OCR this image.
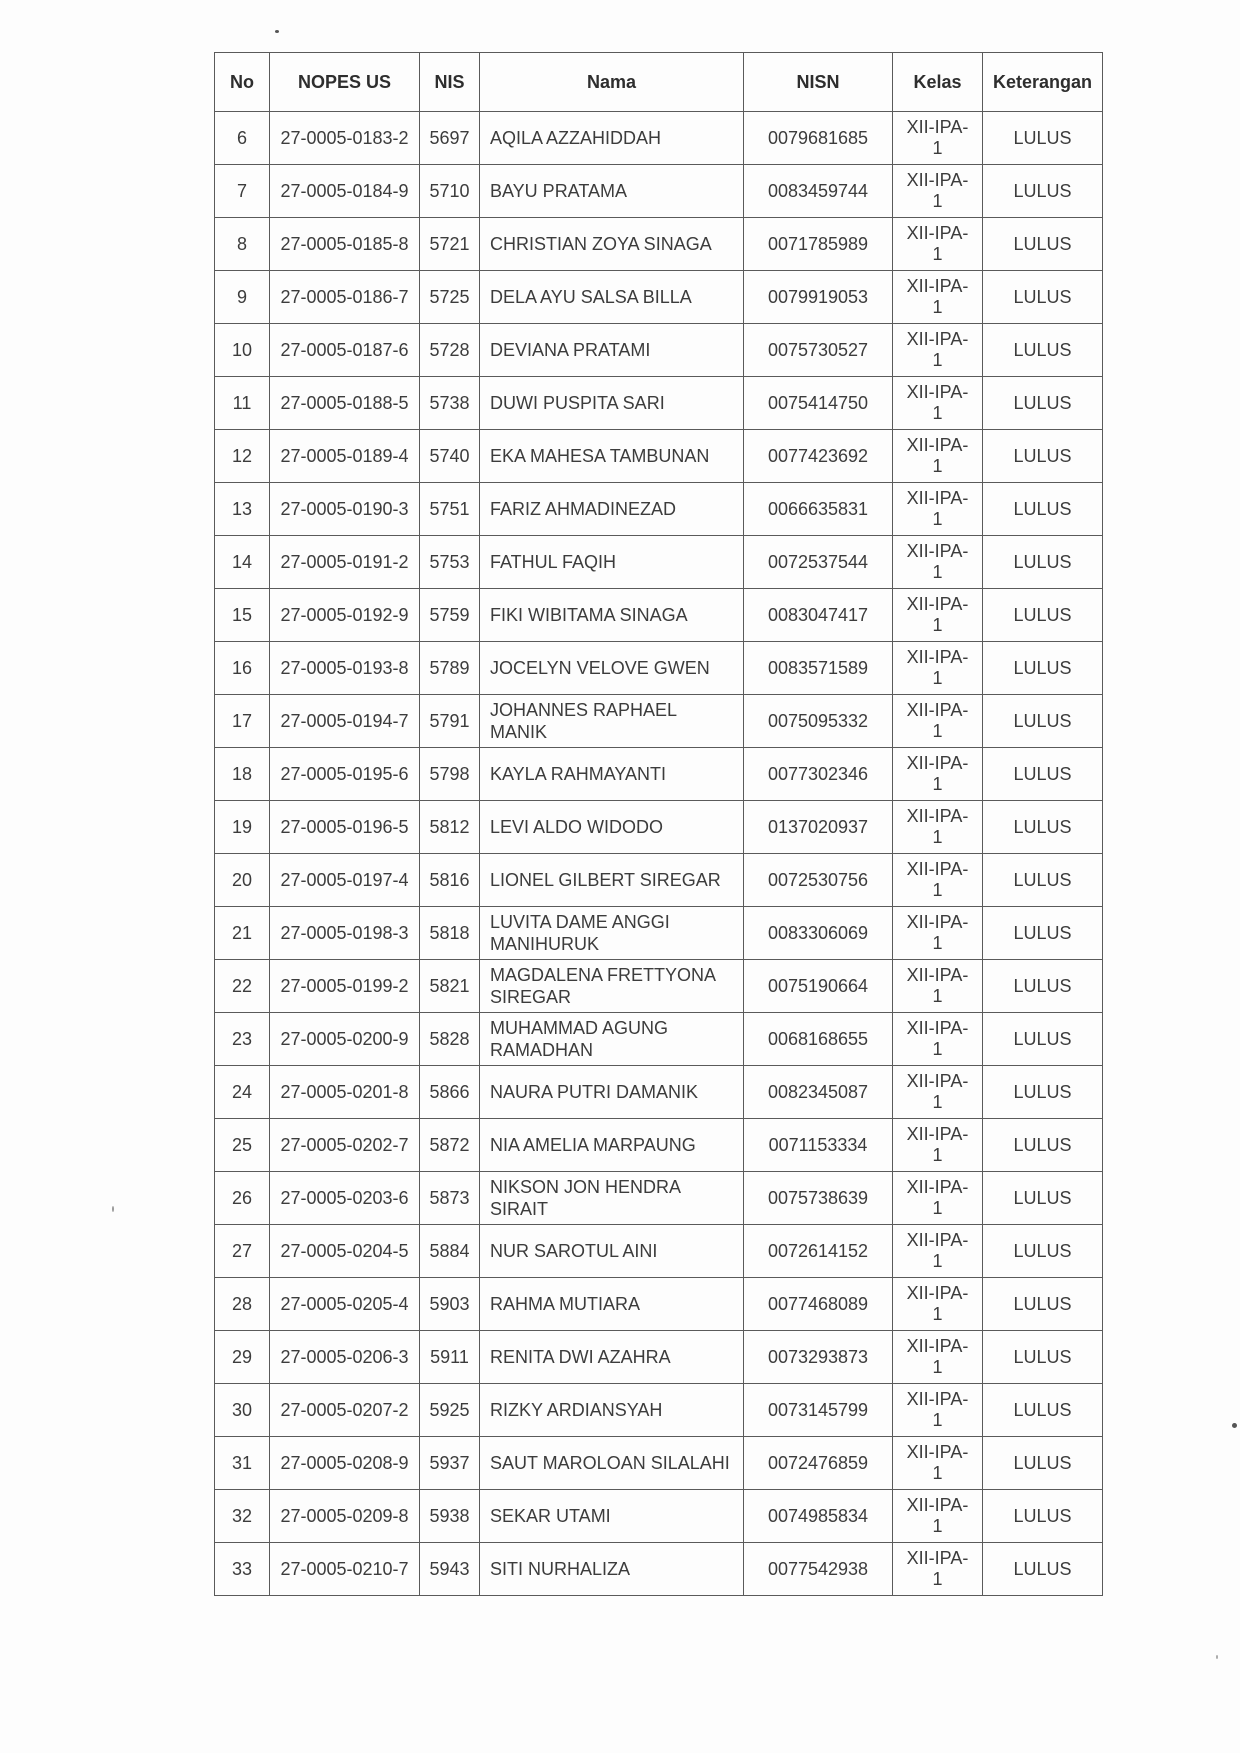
No	NOPES US	NIS	Nama	NISN	Kelas	Keterangan
6	27-0005-0183-2	5697	AQILA AZZAHIDDAH	0079681685	XII-IPA-1	LULUS
7	27-0005-0184-9	5710	BAYU PRATAMA	0083459744	XII-IPA-1	LULUS
8	27-0005-0185-8	5721	CHRISTIAN ZOYA SINAGA	0071785989	XII-IPA-1	LULUS
9	27-0005-0186-7	5725	DELA AYU SALSA BILLA	0079919053	XII-IPA-1	LULUS
10	27-0005-0187-6	5728	DEVIANA PRATAMI	0075730527	XII-IPA-1	LULUS
11	27-0005-0188-5	5738	DUWI PUSPITA SARI	0075414750	XII-IPA-1	LULUS
12	27-0005-0189-4	5740	EKA MAHESA TAMBUNAN	0077423692	XII-IPA-1	LULUS
13	27-0005-0190-3	5751	FARIZ AHMADINEZAD	0066635831	XII-IPA-1	LULUS
14	27-0005-0191-2	5753	FATHUL FAQIH	0072537544	XII-IPA-1	LULUS
15	27-0005-0192-9	5759	FIKI WIBITAMA SINAGA	0083047417	XII-IPA-1	LULUS
16	27-0005-0193-8	5789	JOCELYN VELOVE GWEN	0083571589	XII-IPA-1	LULUS
17	27-0005-0194-7	5791	JOHANNES RAPHAEL MANIK	0075095332	XII-IPA-1	LULUS
18	27-0005-0195-6	5798	KAYLA RAHMAYANTI	0077302346	XII-IPA-1	LULUS
19	27-0005-0196-5	5812	LEVI ALDO WIDODO	0137020937	XII-IPA-1	LULUS
20	27-0005-0197-4	5816	LIONEL GILBERT SIREGAR	0072530756	XII-IPA-1	LULUS
21	27-0005-0198-3	5818	LUVITA DAME ANGGI MANIHURUK	0083306069	XII-IPA-1	LULUS
22	27-0005-0199-2	5821	MAGDALENA FRETTYONA SIREGAR	0075190664	XII-IPA-1	LULUS
23	27-0005-0200-9	5828	MUHAMMAD AGUNG RAMADHAN	0068168655	XII-IPA-1	LULUS
24	27-0005-0201-8	5866	NAURA PUTRI DAMANIK	0082345087	XII-IPA-1	LULUS
25	27-0005-0202-7	5872	NIA AMELIA MARPAUNG	0071153334	XII-IPA-1	LULUS
26	27-0005-0203-6	5873	NIKSON JON HENDRA SIRAIT	0075738639	XII-IPA-1	LULUS
27	27-0005-0204-5	5884	NUR SAROTUL AINI	0072614152	XII-IPA-1	LULUS
28	27-0005-0205-4	5903	RAHMA MUTIARA	0077468089	XII-IPA-1	LULUS
29	27-0005-0206-3	5911	RENITA DWI AZAHRA	0073293873	XII-IPA-1	LULUS
30	27-0005-0207-2	5925	RIZKY ARDIANSYAH	0073145799	XII-IPA-1	LULUS
31	27-0005-0208-9	5937	SAUT MAROLOAN SILALAHI	0072476859	XII-IPA-1	LULUS
32	27-0005-0209-8	5938	SEKAR UTAMI	0074985834	XII-IPA-1	LULUS
33	27-0005-0210-7	5943	SITI NURHALIZA	0077542938	XII-IPA-1	LULUS
